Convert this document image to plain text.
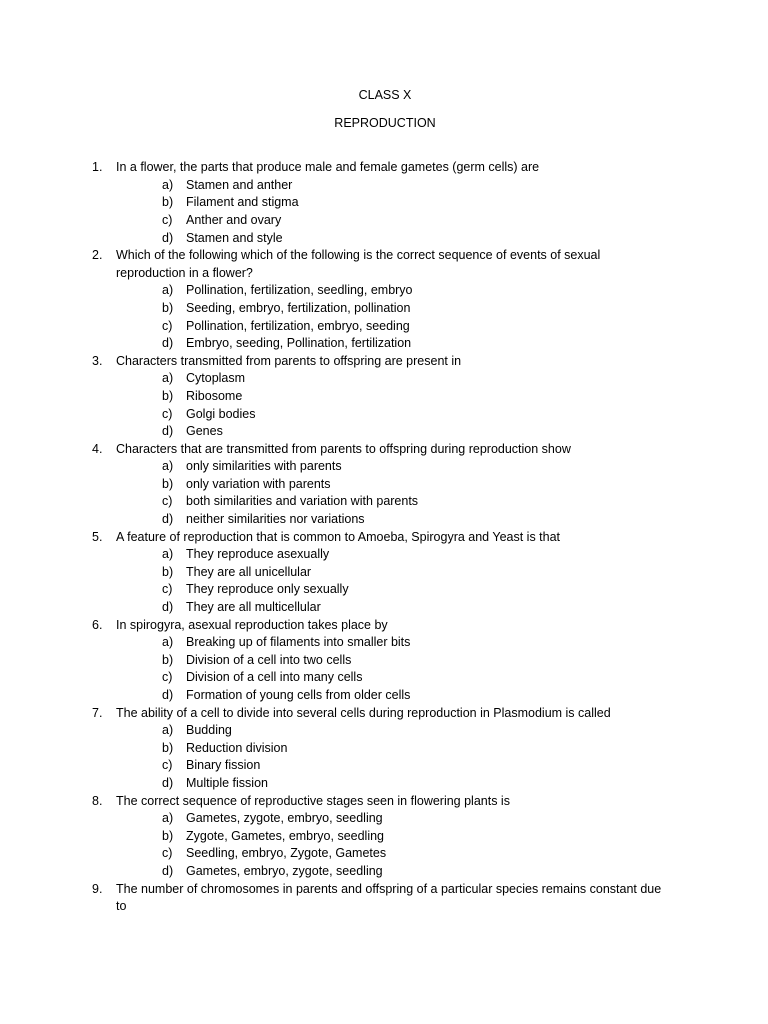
CLASS X
REPRODUCTION
1. In a flower, the parts that produce male and female gametes (germ cells) are
a) Stamen and anther
b) Filament and stigma
c) Anther and ovary
d) Stamen and style
2. Which of the following which of the following is the correct sequence of events of sexual reproduction in a flower?
a) Pollination, fertilization, seedling, embryo
b) Seeding, embryo, fertilization, pollination
c) Pollination, fertilization, embryo, seeding
d) Embryo, seeding, Pollination, fertilization
3. Characters transmitted from parents to offspring are present in
a) Cytoplasm
b) Ribosome
c) Golgi bodies
d) Genes
4. Characters that are transmitted from parents to offspring during reproduction show
a) only similarities with parents
b) only variation with parents
c) both similarities and variation with parents
d) neither similarities nor variations
5. A feature of reproduction that is common to Amoeba, Spirogyra and Yeast is that
a) They reproduce asexually
b) They are all unicellular
c) They reproduce only sexually
d) They are all multicellular
6. In spirogyra, asexual reproduction takes place by
a) Breaking up of filaments into smaller bits
b) Division of a cell into two cells
c) Division of a cell into many cells
d) Formation of young cells from older cells
7. The ability of a cell to divide into several cells during reproduction in Plasmodium is called
a) Budding
b) Reduction division
c) Binary fission
d) Multiple fission
8. The correct sequence of reproductive stages seen in flowering plants is
a) Gametes, zygote, embryo, seedling
b) Zygote, Gametes, embryo, seedling
c) Seedling, embryo, Zygote, Gametes
d) Gametes, embryo, zygote, seedling
9. The number of chromosomes in parents and offspring of a particular species remains constant due to
